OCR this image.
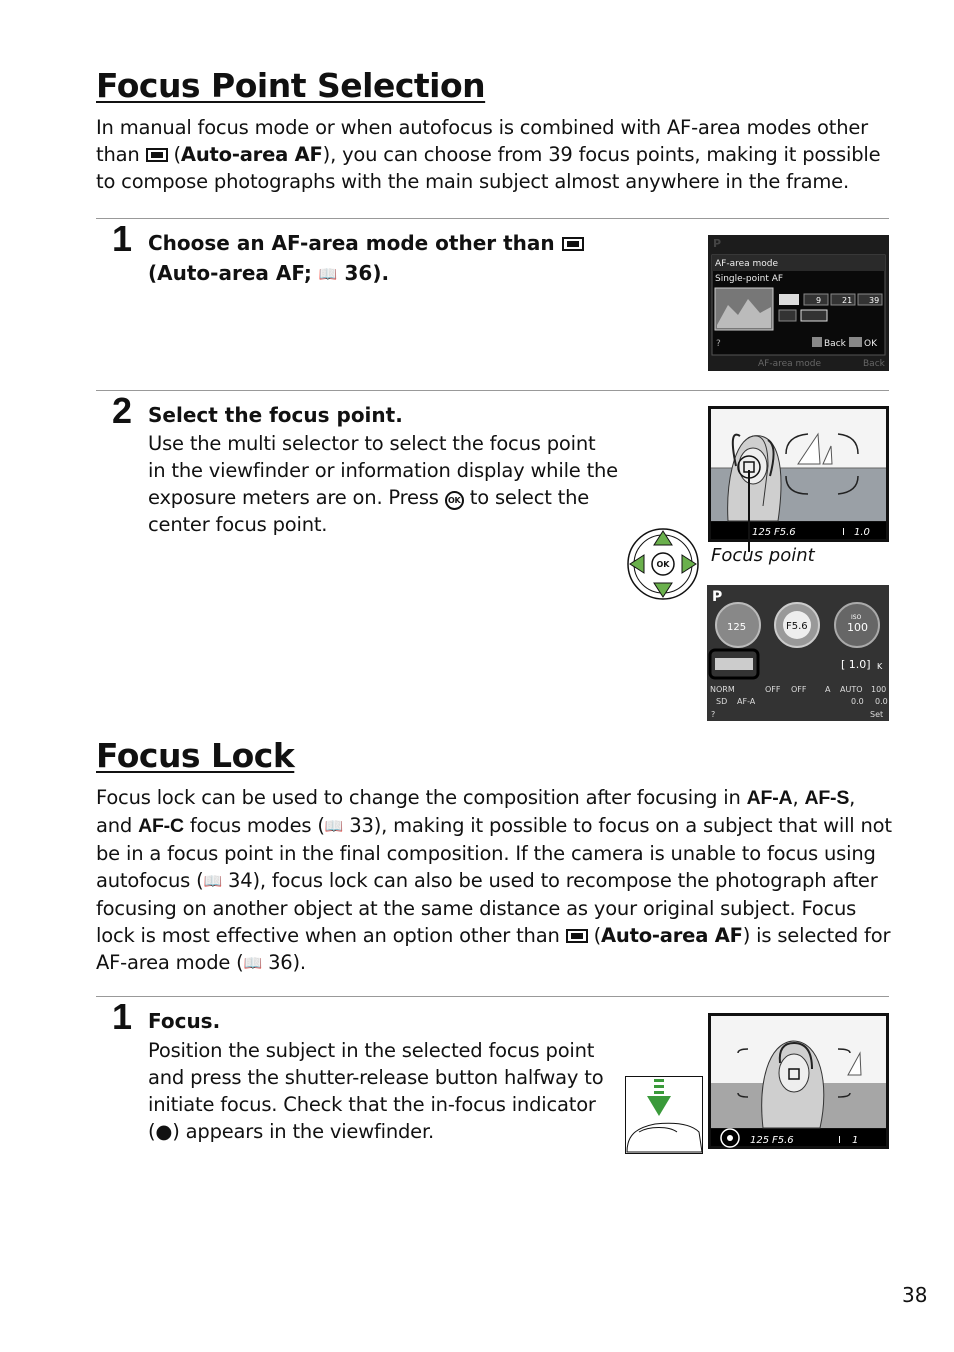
Focus Point Selection
In manual focus mode or when autofocus is combined with AF-area modes other than  (Auto-area AF), you can choose from 39 focus points, making it possible to compose photographs with the main subject almost anywhere in the frame.
1 Choose an AF-area mode other than
(Auto-area AF; 📖 36).
P
AF-area mode
Single-point AF
9	21 39
?	Back OK
AF-area mode	Back
2 Select the focus point.
Use the multi selector to select the focus point in the viewfinder or information display while the exposure meters are on. Press OK to select the center focus point.	125 F5.6	I 1.0
Focus point
OK
P
125	F5.6
ISO
100
[ 1.0] K
NORM	OFF OFF A AUTO 100
SD AF-A	0.0 0.0
?	Set
Focus Lock
Focus lock can be used to change the composition after focusing in AF-A, AF-S, and AF-C focus modes (📖 33), making it possible to focus on a subject that will not be in a focus point in the final composition. If the camera is unable to focus using autofocus (📖 34), focus lock can also be used to recompose the photograph after focusing on another object at the same distance as your original subject. Focus lock is most effective when an option other than  (Auto-area AF) is selected for AF-area mode (📖 36).
1 Focus.
Position the subject in the selected focus point and press the shutter-release button halfway to initiate focus. Check that the in-focus indicator (●) appears in the viewfinder.	125 F5.6	I 1
38
